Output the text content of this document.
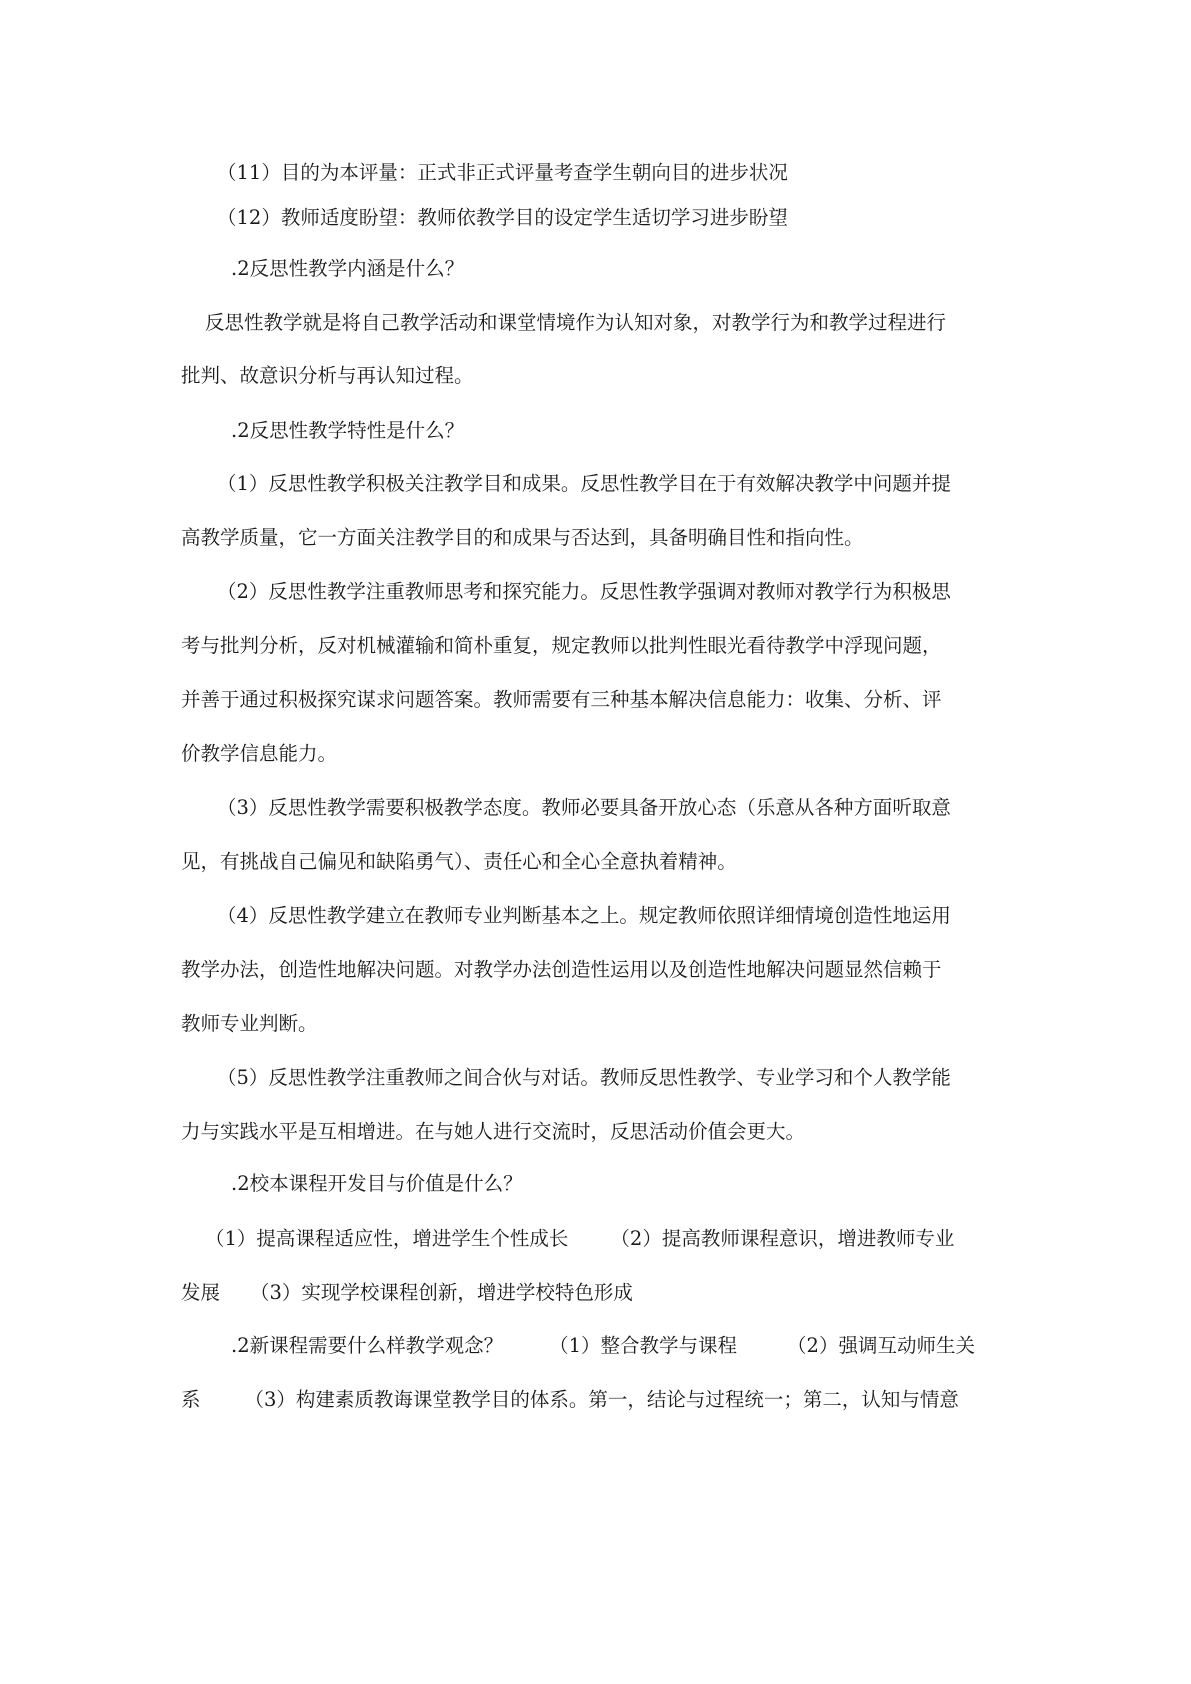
（11）目的为本评量：正式非正式评量考查学生朝向目的进步状况
（12）教师适度盼望：教师依教学目的设定学生适切学习进步盼望
.2反思性教学内涵是什么？
反思性教学就是将自己教学活动和课堂情境作为认知对象，对教学行为和教学过程进行
批判、故意识分析与再认知过程。
.2反思性教学特性是什么？
（1）反思性教学积极关注教学目和成果。反思性教学目在于有效解决教学中问题并提
高教学质量，它一方面关注教学目的和成果与否达到，具备明确目性和指向性。
（2）反思性教学注重教师思考和探究能力。反思性教学强调对教师对教学行为积极思
考与批判分析，反对机械灌输和简朴重复，规定教师以批判性眼光看待教学中浮现问题，
并善于通过积极探究谋求问题答案。教师需要有三种基本解决信息能力：收集、分析、评
价教学信息能力。
（3）反思性教学需要积极教学态度。教师必要具备开放心态（乐意从各种方面听取意
见，有挑战自己偏见和缺陷勇气）、责任心和全心全意执着精神。
（4）反思性教学建立在教师专业判断基本之上。规定教师依照详细情境创造性地运用
教学办法，创造性地解决问题。对教学办法创造性运用以及创造性地解决问题显然信赖于
教师专业判断。
（5）反思性教学注重教师之间合伙与对话。教师反思性教学、专业学习和个人教学能
力与实践水平是互相增进。在与她人进行交流时，反思活动价值会更大。
.2校本课程开发目与价值是什么？
（1）提高课程适应性，增进学生个性成长 （2）提高教师课程意识，增进教师专业
发展 （3）实现学校课程创新，增进学校特色形成
.2新课程需要什么样教学观念？ （1）整合教学与课程	（2）强调互动师生关
系 （3）构建素质教诲课堂教学目的体系。第一，结论与过程统一；第二，认知与情意
